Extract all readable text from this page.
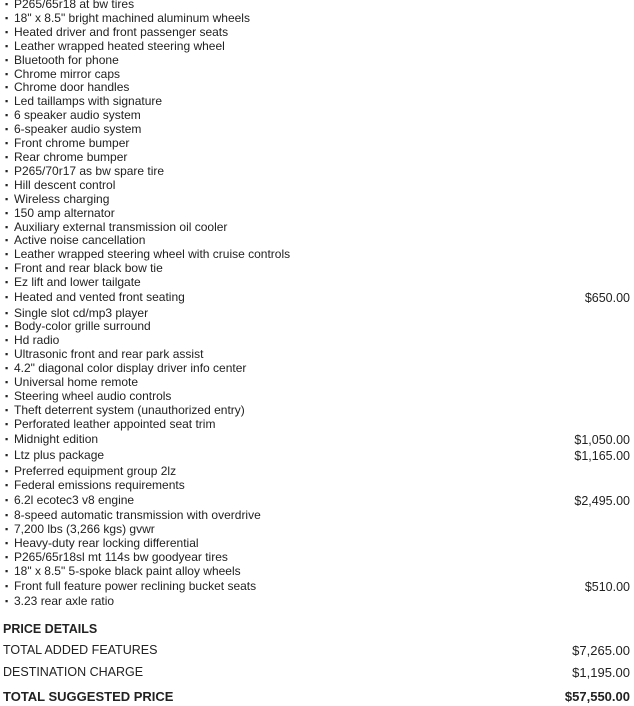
▪ P265/65r18 at bw tires
▪ 18" x 8.5" bright machined aluminum wheels
▪ Heated driver and front passenger seats
▪ Leather wrapped heated steering wheel
▪ Bluetooth for phone
▪ Chrome mirror caps
▪ Chrome door handles
▪ Led taillamps with signature
▪ 6 speaker audio system
▪ 6-speaker audio system
▪ Front chrome bumper
▪ Rear chrome bumper
▪ P265/70r17 as bw spare tire
▪ Hill descent control
▪ Wireless charging
▪ 150 amp alternator
▪ Auxiliary external transmission oil cooler
▪ Active noise cancellation
▪ Leather wrapped steering wheel with cruise controls
▪ Front and rear black bow tie
▪ Ez lift and lower tailgate
▪ Heated and vented front seating	$650.00
▪ Single slot cd/mp3 player
▪ Body-color grille surround
▪ Hd radio
▪ Ultrasonic front and rear park assist
▪ 4.2" diagonal color display driver info center
▪ Universal home remote
▪ Steering wheel audio controls
▪ Theft deterrent system (unauthorized entry)
▪ Perforated leather appointed seat trim
▪ Midnight edition	$1,050.00
▪ Ltz plus package	$1,165.00
▪ Preferred equipment group 2lz
▪ Federal emissions requirements
▪ 6.2l ecotec3 v8 engine	$2,495.00
▪ 8-speed automatic transmission with overdrive
▪ 7,200 lbs (3,266 kgs) gvwr
▪ Heavy-duty rear locking differential
▪ P265/65r18sl mt 114s bw goodyear tires
▪ 18" x 8.5" 5-spoke black paint alloy wheels
▪ Front full feature power reclining bucket seats	$510.00
▪ 3.23 rear axle ratio
PRICE DETAILS
TOTAL ADDED FEATURES	$7,265.00
DESTINATION CHARGE	$1,195.00
TOTAL SUGGESTED PRICE	$57,550.00
